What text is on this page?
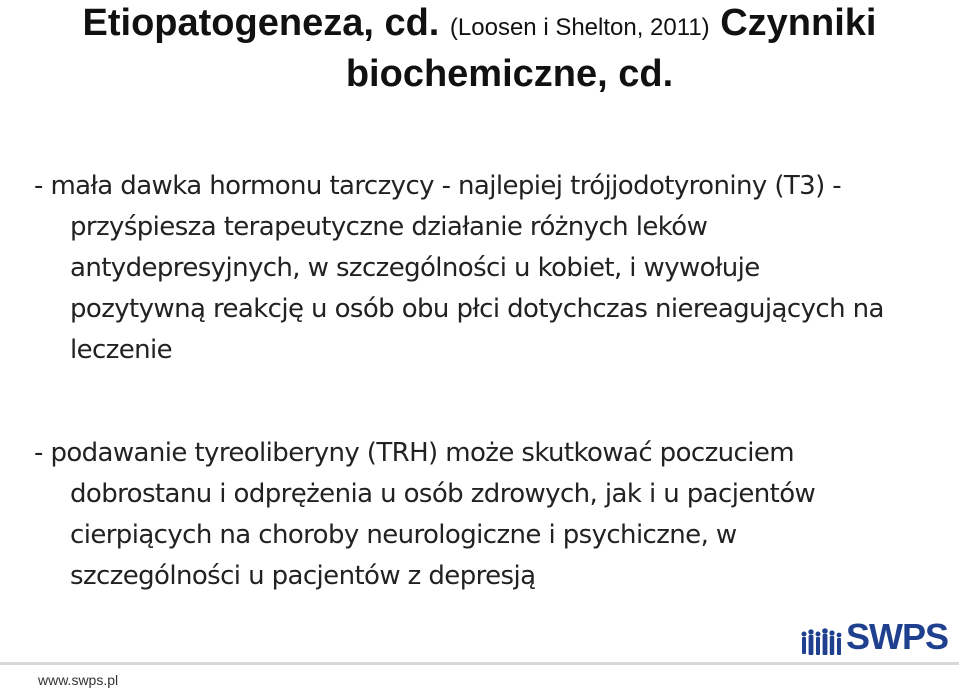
Etiopatogeneza, cd. (Loosen i Shelton, 2011) Czynniki
biochemiczne, cd.
- mała dawka hormonu tarczycy - najlepiej trójjodotyroniny (T3) -
przyśpiesza terapeutyczne działanie różnych leków
antydepresyjnych, w szczególności u kobiet, i wywołuje
pozytywną reakcję u osób obu płci dotychczas niereagujących na
leczenie
- podawanie tyreoliberyny (TRH) może skutkować poczuciem
dobrostanu i odprężenia u osób zdrowych, jak i u pacjentów
cierpiących na choroby neurologiczne i psychiczne, w
szczególności u pacjentów z depresją
www.swps.pl
SWPS
